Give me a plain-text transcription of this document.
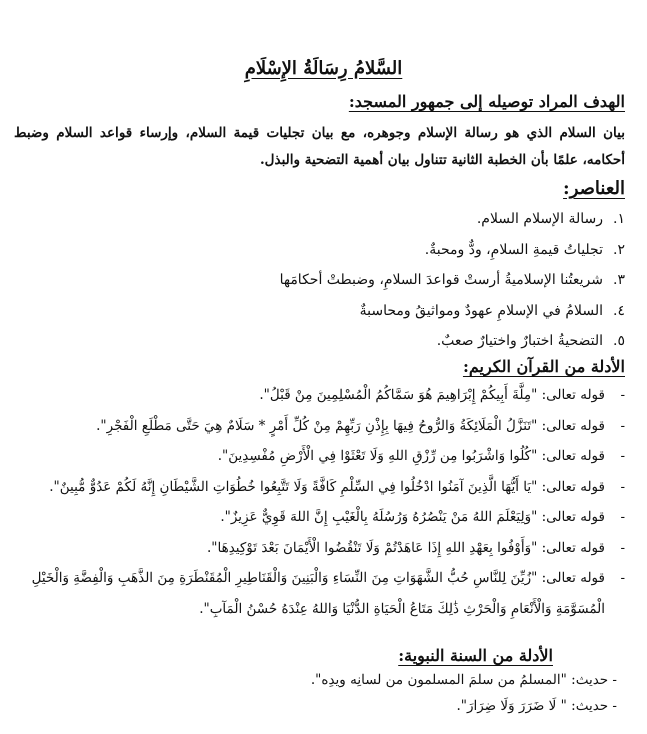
السَّلامُ رِسَالَةُ الإِسْلَامِ
الهدف المراد توصيله إلى جمهور المسجد:
بيان السلام الذي هو رسالة الإسلام وجوهره، مع بيان تجليات قيمة السلام، وإرساء قواعد السلام وضبط أحكامه، علمًا بأن الخطبة الثانية تتناول بيان أهمية التضحية والبذل.
العناصر:
١.رسالة الإسلام السلام.
٢.تجلياتُ قيمةِ السلامِ، ودٌّ ومحبةٌ.
٣.شريعتُنا الإسلاميةُ أرستْ قواعدَ السلامِ، وضبطتْ أحكامَها
٤.السلامُ في الإسلامِ عهودٌ ومواثيقُ ومحاسبةٌ
٥.التضحيةُ اختبارٌ واختيارٌ صعبٌ.
الأدلة من القرآن الكريم:
-
قوله تعالى: "مِلَّةَ أَبِيكُمْ إِبْرَاهِيمَ هُوَ سَمَّاكُمُ الْمُسْلِمِينَ مِنْ قَبْلُ".
-
قوله تعالى: "تَنَزَّلُ الْمَلَائِكَةُ وَالرُّوحُ فِيهَا بِإِذْنِ رَبِّهِمْ مِنْ كُلِّ أَمْرٍ * سَلَامٌ هِيَ حَتَّى مَطْلَعِ الْفَجْرِ".
-
قوله تعالى: "كُلُوا وَاشْرَبُوا مِن رِّزْقِ اللهِ وَلَا تَعْثَوْا فِي الْأَرْضِ مُفْسِدِينَ".
-
قوله تعالى: "يَا أَيُّهَا الَّذِينَ آمَنُوا ادْخُلُوا فِي السِّلْمِ كَافَّةً وَلَا تَتَّبِعُوا خُطُوَاتِ الشَّيْطَانِ إِنَّهُ لَكُمْ عَدُوٌّ مُّبِينٌ".
-
قوله تعالى: "وَلِيَعْلَمَ اللهُ مَنْ يَنْصُرُهُ وَرُسُلَهُ بِالْغَيْبِ إِنَّ اللهَ قَوِيٌّ عَزِيزٌ".
-
قوله تعالى: "وَأَوْفُوا بِعَهْدِ اللهِ إِذَا عَاهَدْتُمْ وَلَا تَنْقُضُوا الْأَيْمَانَ بَعْدَ تَوْكِيدِهَا".
-
قوله تعالى: "زُيِّنَ لِلنَّاسِ حُبُّ الشَّهَوَاتِ مِنَ النِّسَاءِ وَالْبَنِينَ وَالْقَنَاطِيرِ الْمُقَنْطَرَةِ مِنَ الذَّهَبِ وَالْفِضَّةِ وَالْخَيْلِ الْمُسَوَّمَةِ وَالْأَنْعَامِ وَالْحَرْثِ ذَٰلِكَ مَتَاعُ الْحَيَاةِ الدُّنْيَا وَاللهُ عِنْدَهُ حُسْنُ الْمَآبِ".
الأدلة من السنة النبوية:
- حديث: "المسلمُ من سلمَ المسلمون من لسانِه ويدِه".
- حديث: " لَا ضَرَرَ وَلَا ضِرَارَ".
